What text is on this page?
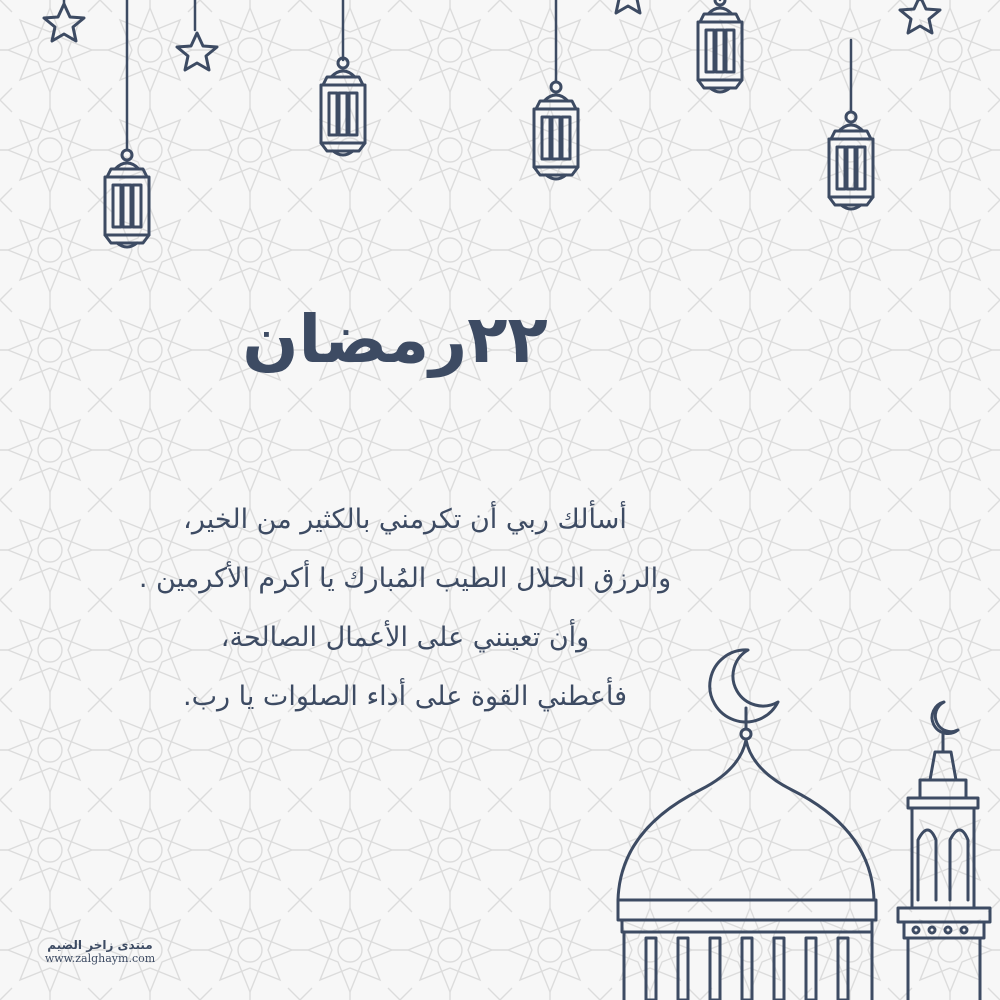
٢٢رمضان
أسألك ربي أن تكرمني بالكثير من الخير،
والرزق الحلال الطيب المُبارك يا أكرم الأكرمين .
وأن تعينني على الأعمال الصالحة،
فأعطني القوة على أداء الصلوات يا رب.
منتدى زاخر الضيم
www.zalghaym.com
